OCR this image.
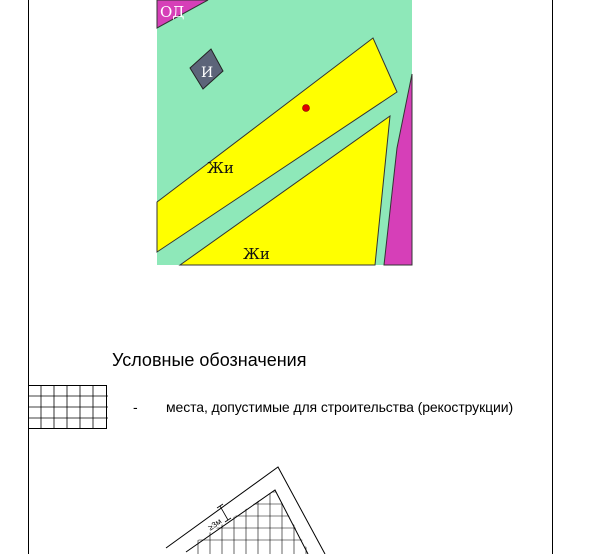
ОД
И
Жи
Жи
Условные обозначения
- места, допустимые для строительства (рекострукции)
≥3м
